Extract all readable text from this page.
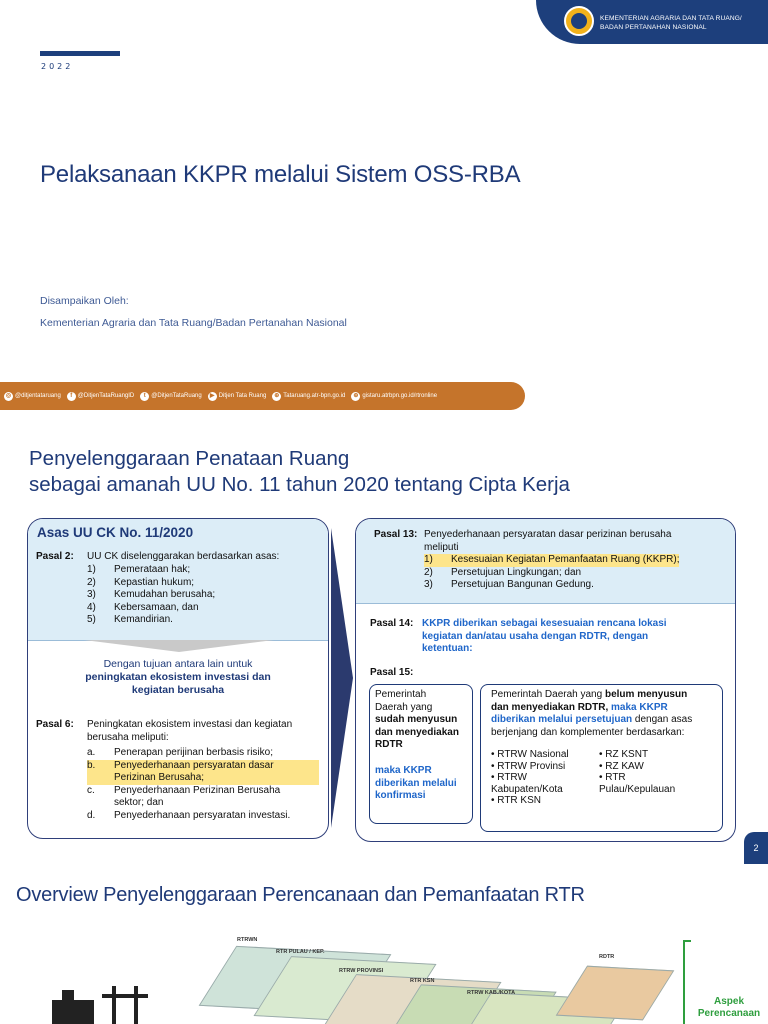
2022
KEMENTERIAN AGRARIA DAN TATA RUANG/
BADAN PERTANAHAN NASIONAL
Pelaksanaan KKPR melalui Sistem OSS-RBA
Disampaikan Oleh:
Kementerian Agraria dan Tata Ruang/Badan Pertanahan Nasional
◎ @ditjentataruang	f @DitjenTataRuangID	t @DitjenTataRuang	▶ Ditjen Tata Ruang	⊕ Tataruang.atr-bpn.go.id	⊕ gistaru.atrbpn.go.id/rtronline
Penyelenggaraan Penataan Ruang
sebagai amanah UU No. 11 tahun 2020 tentang Cipta Kerja
Asas UU CK No. 11/2020
Pasal 2: UU CK diselenggarakan berdasarkan asas:
1)	Pemerataan hak;
2)	Kepastian hukum;
3)	Kemudahan berusaha;
4)	Kebersamaan, dan
5)	Kemandirian.
Dengan tujuan antara lain untuk
peningkatan ekosistem investasi dan
kegiatan berusaha
Pasal 6: Peningkatan ekosistem investasi dan kegiatan
berusaha meliputi:
a.	Penerapan perijinan berbasis risiko;
b.	Penyederhanaan persyaratan dasar
Perizinan Berusaha;
c.	Penyederhanaan Perizinan Berusaha
sektor; dan
d.	Penyederhanaan persyaratan investasi.
Pasal 13: Penyederhanaan persyaratan dasar perizinan berusaha
meliputi
1)	Kesesuaian Kegiatan Pemanfaatan Ruang (KKPR);
2)	Persetujuan Lingkungan; dan
3)	Persetujuan Bangunan Gedung.
Pasal 14: KKPR diberikan sebagai kesesuaian rencana lokasi
kegiatan dan/atau usaha dengan RDTR, dengan
ketentuan:
Pasal 15:
Pemerintah
Daerah yang
sudah menyusun
dan menyediakan
RDTR
maka KKPR
diberikan melalui
konfirmasi
Pemerintah Daerah yang belum menyusun
dan menyediakan RDTR, maka KKPR
diberikan melalui persetujuan dengan asas
berjenjang dan komplementer berdasarkan:
• RTRW Nasional
• RTRW Provinsi
• RTRW
Kabupaten/Kota
• RTR KSN
• RZ KSNT
• RZ KAW
• RTR
Pulau/Kepulauan
2
Overview Penyelenggaraan Perencanaan dan Pemanfaatan RTR
RTRWN
RTR PULAU / KEP.
RTRW PROVINSI
RTR KSN
RTRW KAB./KOTA
RDTR
Aspek
Perencanaan
